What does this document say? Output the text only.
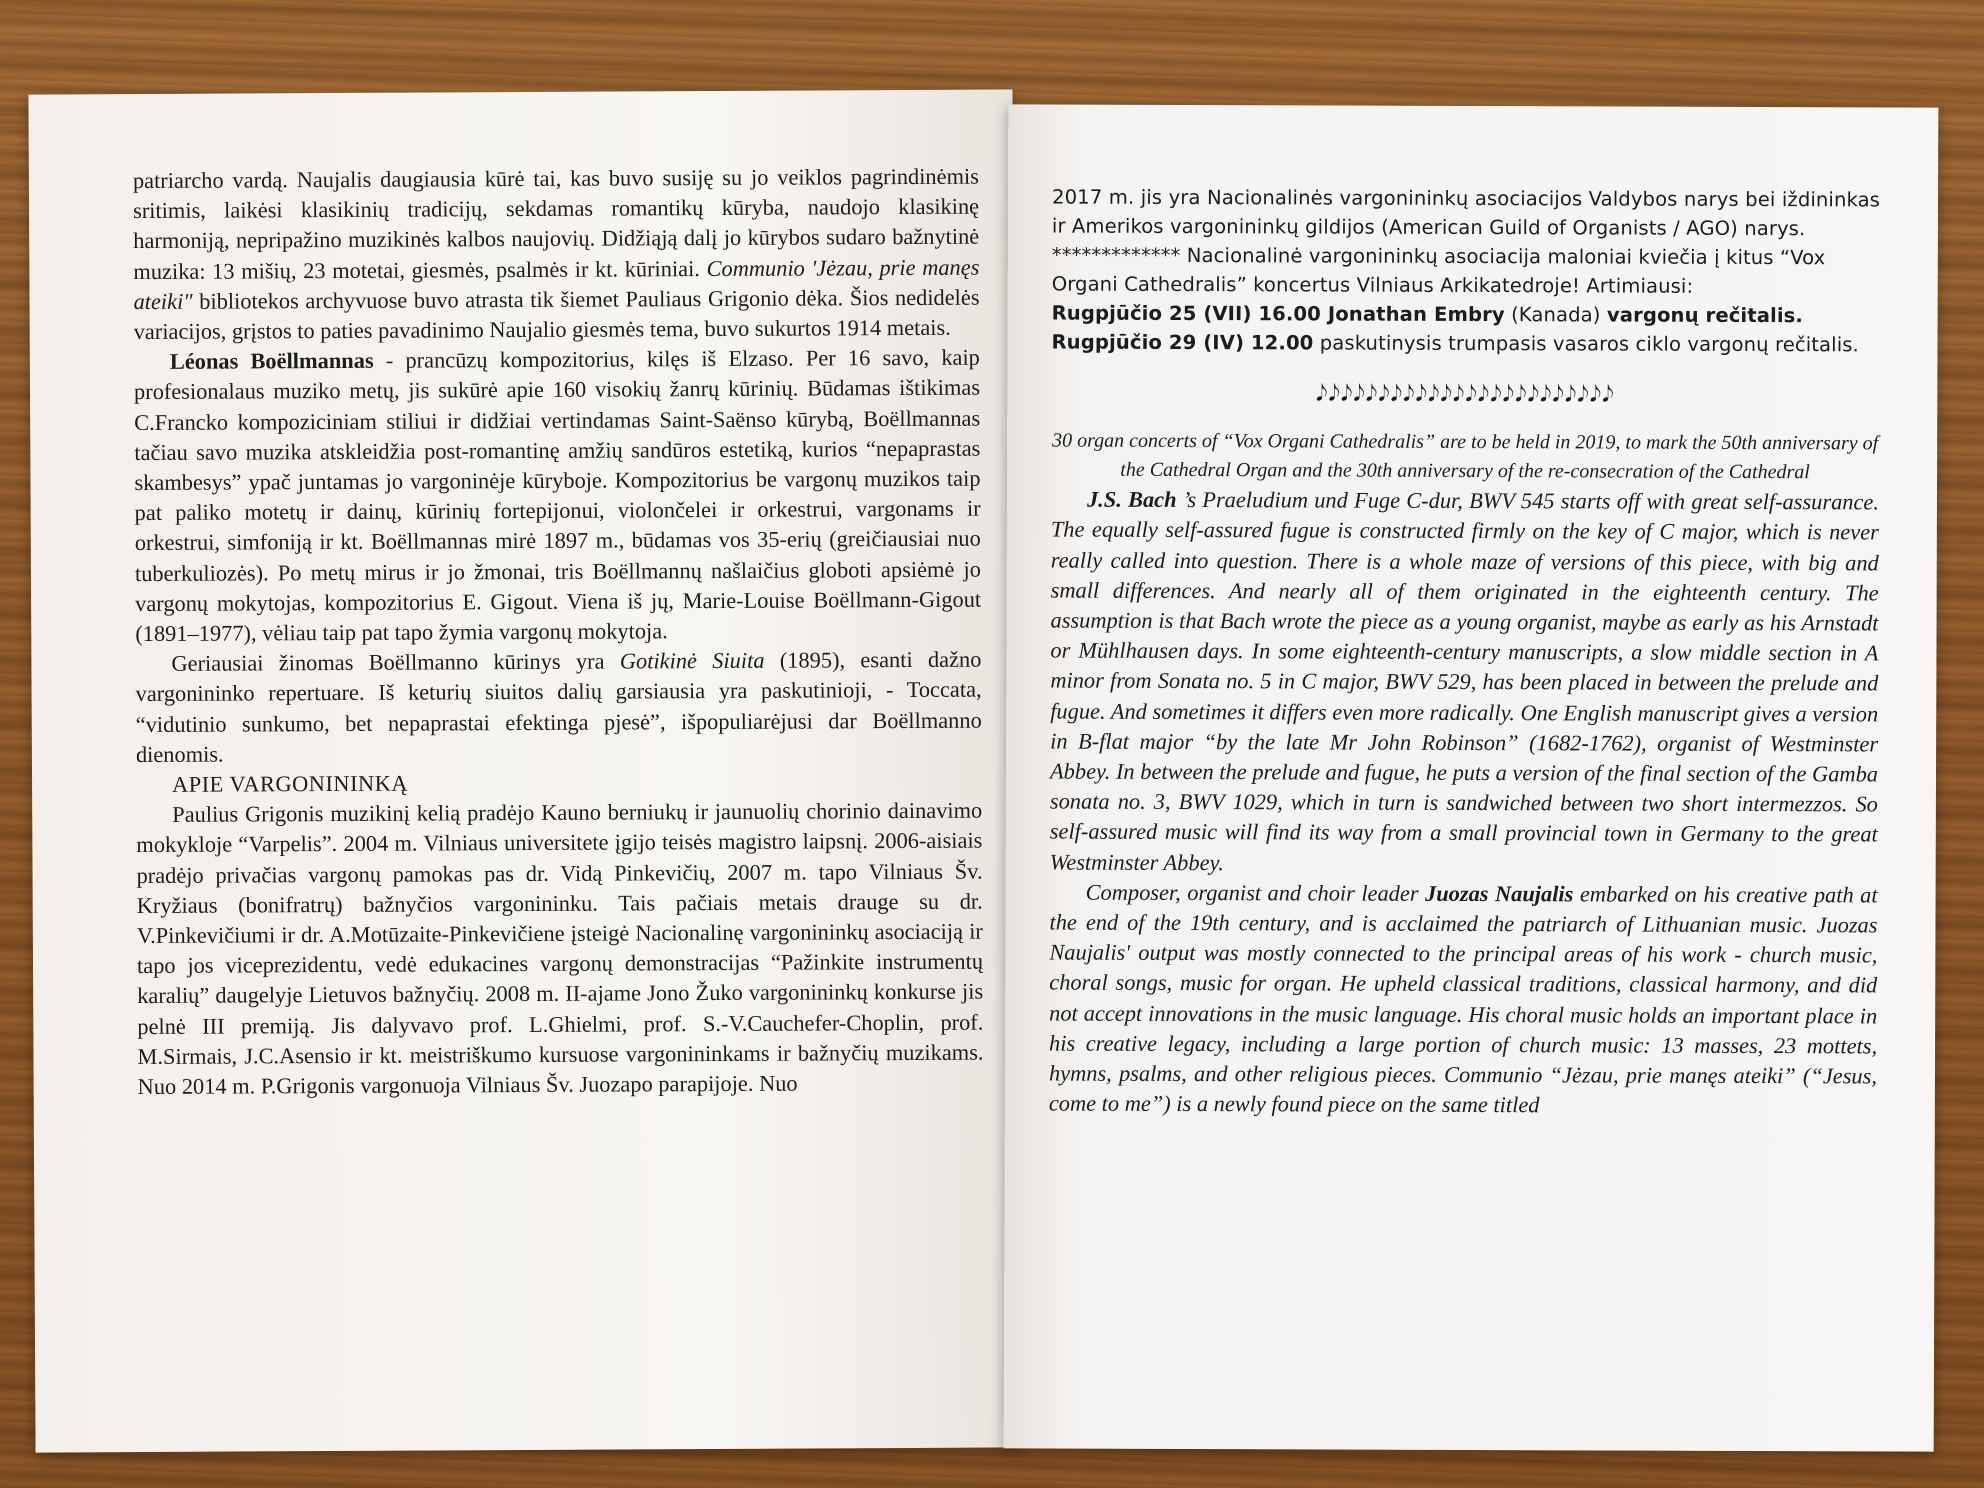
patriarcho vardą. Naujalis daugiausia kūrė tai, kas buvo susiję su jo veiklos pagrindinėmis sritimis, laikėsi klasikinių tradicijų, sekdamas romantikų kūryba, naudojo klasikinę harmoniją, nepripažino muzikinės kalbos naujovių. Didžiąją dalį jo kūrybos sudaro bažnytinė muzika: 13 mišių, 23 motetai, giesmės, psalmės ir kt. kūriniai. Communio 'Jėzau, prie manęs ateiki" bibliotekos archyvuose buvo atrasta tik šiemet Pauliaus Grigonio dėka. Šios nedidelės variacijos, grįstos to paties pavadinimo Naujalio giesmės tema, buvo sukurtos 1914 metais.

Léonas Boëllmannas - prancūzų kompozitorius, kilęs iš Elzaso. Per 16 savo, kaip profesionalaus muziko metų, jis sukūrė apie 160 visokių žanrų kūrinių. Būdamas ištikimas C.Francko kompoziciniam stiliui ir didžiai vertindamas Saint-Saënso kūrybą, Boëllmannas tačiau savo muzika atskleidžia post-romantinę amžių sandūros estetiką, kurios “nepaprastas skambesys” ypač juntamas jo vargoninėje kūryboje. Kompozitorius be vargonų muzikos taip pat paliko motetų ir dainų, kūrinių fortepijonui, violončelei ir orkestrui, vargonams ir orkestrui, simfoniją ir kt. Boëllmannas mirė 1897 m., būdamas vos 35-erių (greičiausiai nuo tuberkuliozės). Po metų mirus ir jo žmonai, tris Boëllmannų našlaičius globoti apsiėmė jo vargonų mokytojas, kompozitorius E. Gigout. Viena iš jų, Marie-Louise Boëllmann-Gigout (1891–1977), vėliau taip pat tapo žymia vargonų mokytoja.

Geriausiai žinomas Boëllmanno kūrinys yra Gotikinė Siuita (1895), esanti dažno vargonininko repertuare. Iš keturių siuitos dalių garsiausia yra paskutinioji, - Toccata, “vidutinio sunkumo, bet nepaprastai efektinga pjesė”, išpopuliarėjusi dar Boëllmanno dienomis.

APIE VARGONININKĄ

Paulius Grigonis muzikinį kelią pradėjo Kauno berniukų ir jaunuolių chorinio dainavimo mokykloje “Varpelis”. 2004 m. Vilniaus universitete įgijo teisės magistro laipsnį. 2006-aisiais pradėjo privačias vargonų pamokas pas dr. Vidą Pinkevičių, 2007 m. tapo Vilniaus Šv. Kryžiaus (bonifratrų) bažnyčios vargonininku. Tais pačiais metais drauge su dr. V.Pinkevičiumi ir dr. A.Motūzaite-Pinkevičiene įsteigė Nacionalinę vargonininkų asociaciją ir tapo jos viceprezidentu, vedė edukacines vargonų demonstracijas “Pažinkite instrumentų karalių” daugelyje Lietuvos bažnyčių. 2008 m. II-ajame Jono Žuko vargonininkų konkurse jis pelnė III premiją. Jis dalyvavo prof. L.Ghielmi, prof. S.-V.Cauchefer-Choplin, prof. M.Sirmais, J.C.Asensio ir kt. meistriškumo kursuose vargonininkams ir bažnyčių muzikams. Nuo 2014 m. P.Grigonis vargonuoja Vilniaus Šv. Juozapo parapijoje. Nuo

2017 m. jis yra Nacionalinės vargonininkų asociacijos Valdybos narys bei iždininkas ir Amerikos vargonininkų gildijos (American Guild of Organists / AGO) narys.

************* Nacionalinė vargonininkų asociacija maloniai kviečia į kitus “Vox Organi Cathedralis” koncertus Vilniaus Arkikatedroje! Artimiausi:

Rugpjūčio 25 (VII) 16.00 Jonathan Embry (Kanada) vargonų rečitalis.

Rugpjūčio 29 (IV) 12.00 paskutinysis trumpasis vasaros ciklo vargonų rečitalis.

𝅘𝅥𝅮𝅘𝅥𝅮𝅘𝅥𝅮𝅘𝅥𝅮𝅘𝅥𝅮𝅘𝅥𝅮𝅘𝅥𝅮𝅘𝅥𝅮𝅘𝅥𝅮𝅘𝅥𝅮𝅘𝅥𝅮𝅘𝅥𝅮𝅘𝅥𝅮𝅘𝅥𝅮𝅘𝅥𝅮𝅘𝅥𝅮𝅘𝅥𝅮𝅘𝅥𝅮𝅘𝅥𝅮𝅘𝅥𝅮𝅘𝅥𝅮𝅘𝅥𝅮𝅘𝅥𝅮𝅘𝅥𝅮

30 organ concerts of “Vox Organi Cathedralis” are to be held in 2019, to mark the 50th anniversary of the Cathedral Organ and the 30th anniversary of the re-consecration of the Cathedral

J.S. Bach ’s Praeludium und Fuge C-dur, BWV 545 starts off with great self-assurance. The equally self-assured fugue is constructed firmly on the key of C major, which is never really called into question. There is a whole maze of versions of this piece, with big and small differences. And nearly all of them originated in the eighteenth century. The assumption is that Bach wrote the piece as a young organist, maybe as early as his Arnstadt or Mühlhausen days. In some eighteenth-century manuscripts, a slow middle section in A minor from Sonata no. 5 in C major, BWV 529, has been placed in between the prelude and fugue. And sometimes it differs even more radically. One English manuscript gives a version in B-flat major “by the late Mr John Robinson” (1682-1762), organist of Westminster Abbey. In between the prelude and fugue, he puts a version of the final section of the Gamba sonata no. 3, BWV 1029, which in turn is sandwiched between two short intermezzos. So self-assured music will find its way from a small provincial town in Germany to the great Westminster Abbey.

Composer, organist and choir leader Juozas Naujalis embarked on his creative path at the end of the 19th century, and is acclaimed the patriarch of Lithuanian music. Juozas Naujalis' output was mostly connected to the principal areas of his work - church music, choral songs, music for organ. He upheld classical traditions, classical harmony, and did not accept innovations in the music language. His choral music holds an important place in his creative legacy, including a large portion of church music: 13 masses, 23 mottets, hymns, psalms, and other religious pieces. Communio “Jėzau, prie manęs ateiki” (“Jesus, come to me”) is a newly found piece on the same titled
